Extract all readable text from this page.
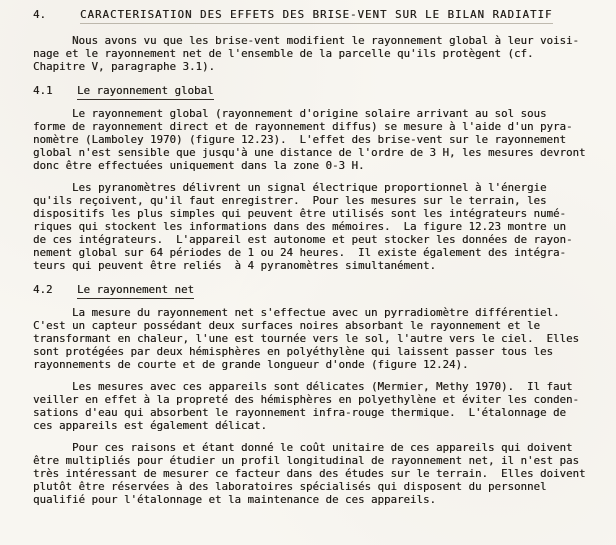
4.	CARACTERISATION DES EFFETS DES BRISE-VENT SUR LE BILAN RADIATIF
Nous avons vu que les brise-vent modifient le rayonnement global à leur voisi-
nage et le rayonnement net de l'ensemble de la parcelle qu'ils protègent (cf.
Chapitre V, paragraphe 3.1).
4.1	Le rayonnement global
Le rayonnement global (rayonnement d'origine solaire arrivant au sol sous
forme de rayonnement direct et de rayonnement diffus) se mesure à l'aide d'un pyra-
nomètre (Lamboley 1970) (figure 12.23).  L'effet des brise-vent sur le rayonnement
global n'est sensible que jusqu'à une distance de l'ordre de 3 H, les mesures devront
donc être effectuées uniquement dans la zone 0-3 H.
Les pyranomètres délivrent un signal électrique proportionnel à l'énergie
qu'ils reçoivent, qu'il faut enregistrer.  Pour les mesures sur le terrain, les
dispositifs les plus simples qui peuvent être utilisés sont les intégrateurs numé-
riques qui stockent les informations dans des mémoires.  La figure 12.23 montre un
de ces intégrateurs.  L'appareil est autonome et peut stocker les données de rayon-
nement global sur 64 périodes de 1 ou 24 heures.  Il existe également des intégra-
teurs qui peuvent être reliés  à 4 pyranomètres simultanément.
4.2	Le rayonnement net
La mesure du rayonnement net s'effectue avec un pyrradiomètre différentiel.
C'est un capteur possédant deux surfaces noires absorbant le rayonnement et le
transformant en chaleur, l'une est tournée vers le sol, l'autre vers le ciel.  Elles
sont protégées par deux hémisphères en polyéthylène qui laissent passer tous les
rayonnements de courte et de grande longueur d'onde (figure 12.24).
Les mesures avec ces appareils sont délicates (Mermier, Methy 1970).  Il faut
veiller en effet à la propreté des hémisphères en polyethylène et éviter les conden-
sations d'eau qui absorbent le rayonnement infra-rouge thermique.  L'étalonnage de
ces appareils est également délicat.
Pour ces raisons et étant donné le coût unitaire de ces appareils qui doivent
être multipliés pour étudier un profil longitudinal de rayonnement net, il n'est pas
très intéressant de mesurer ce facteur dans des études sur le terrain.  Elles doivent
plutôt être réservées à des laboratoires spécialisés qui disposent du personnel
qualifié pour l'étalonnage et la maintenance de ces appareils.
